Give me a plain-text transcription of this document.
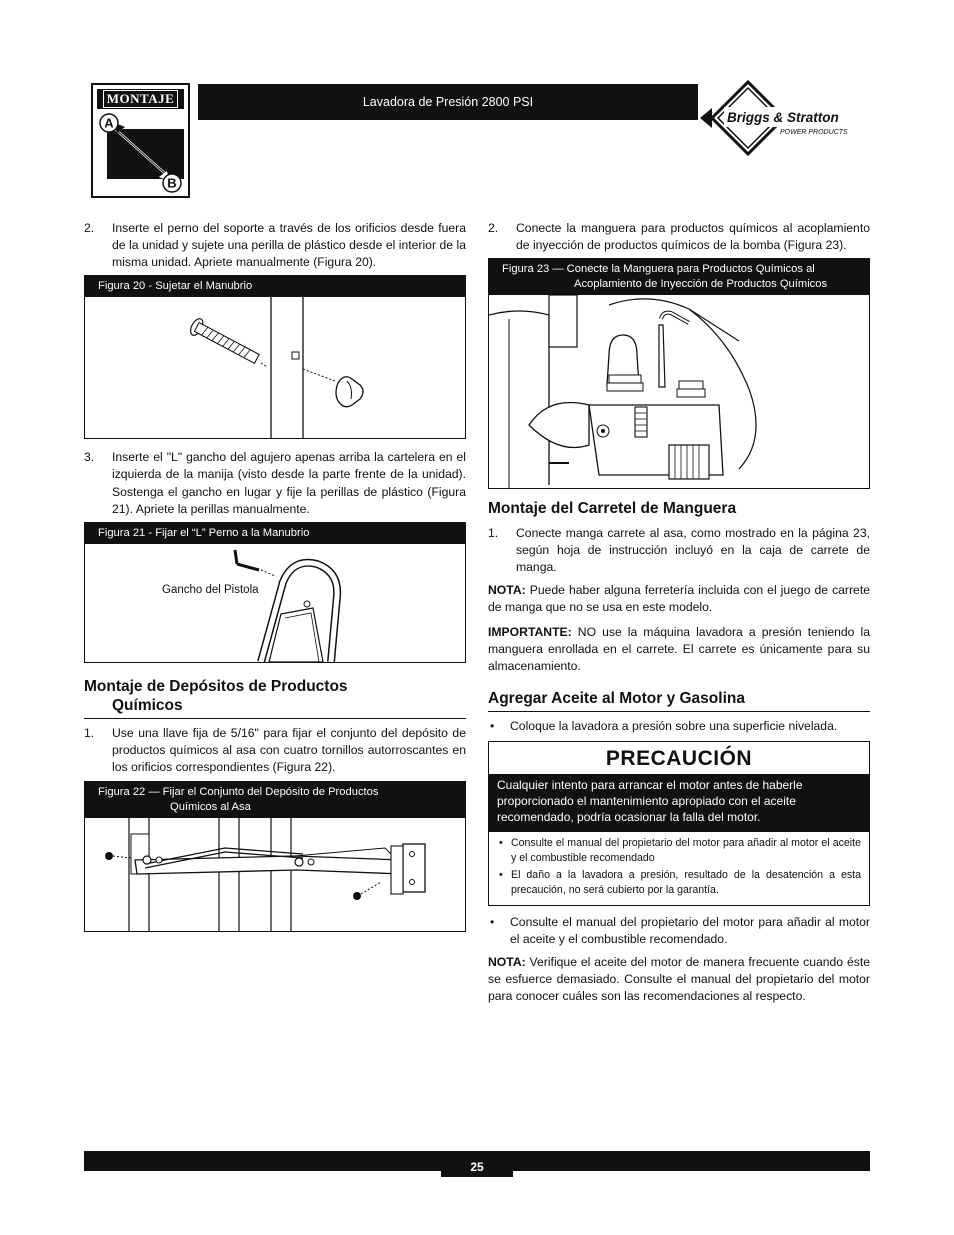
MONTAJE
A
B
Lavadora de Presión 2800 PSI
Briggs & Stratton
POWER PRODUCTS
2.	Inserte el perno del soporte a través de los orificios desde fuera de la unidad y sujete una perilla de plástico desde el interior de la misma unidad. Apriete manualmente (Figura 20).
Figura 20 - Sujetar el Manubrio
3.	Inserte el "L" gancho del agujero apenas arriba la cartelera en el izquierda de la manija (visto desde la parte frente de la unidad). Sostenga el gancho en lugar y fije la perillas de plástico (Figura 21). Apriete la perillas manualmente.
Figura 21 - Fijar el “L” Perno a la Manubrio
Gancho del Pistola
Montaje de Depósitos de Productos
Químicos
1.	Use una llave fija de 5/16" para fijar el conjunto del depósito de productos químicos al asa con cuatro tornillos autorroscantes en los orificios correspondientes (Figura 22).
Figura 22 — Fijar el Conjunto del Depósito de Productos
Químicos al Asa
2.	Conecte la manguera para productos químicos al acoplamiento de inyección de productos químicos de la bomba (Figura 23).
Figura 23 — Conecte la Manguera para Productos Químicos al
Acoplamiento de Inyección de Productos Químicos
Montaje del Carretel de Manguera
1.	Conecte manga carrete al asa, como mostrado en la página 23, según hoja de instrucción incluyó en la caja de carrete de manga.

NOTA: Puede haber alguna ferretería incluida con el juego de carrete de manga que no se usa en este modelo.

IMPORTANTE: NO use la máquina lavadora a presión teniendo la manguera enrollada en el carrete. El carrete es únicamente para su almacenamiento.

Agregar Aceite al Motor y Gasolina
•	Coloque la lavadora a presión sobre una superficie nivelada.
PRECAUCIÓN
Cualquier intento para arrancar el motor antes de haberle proporcionado el mantenimiento apropiado con el aceite recomendado, podría ocasionar la falla del motor.
• Consulte el manual del propietario del motor para añadir al motor el aceite y el combustible recomendado
• El daño a la lavadora a presión, resultado de la desatención a esta precaución, no será cubierto por la garantía.
•	Consulte el manual del propietario del motor para añadir al motor el aceite y el combustible recomendado.

NOTA: Verifique el aceite del motor de manera frecuente cuando éste se esfuerce demasiado. Consulte el manual del propietario del motor para conocer cuáles son las recomendaciones al respecto.

25
